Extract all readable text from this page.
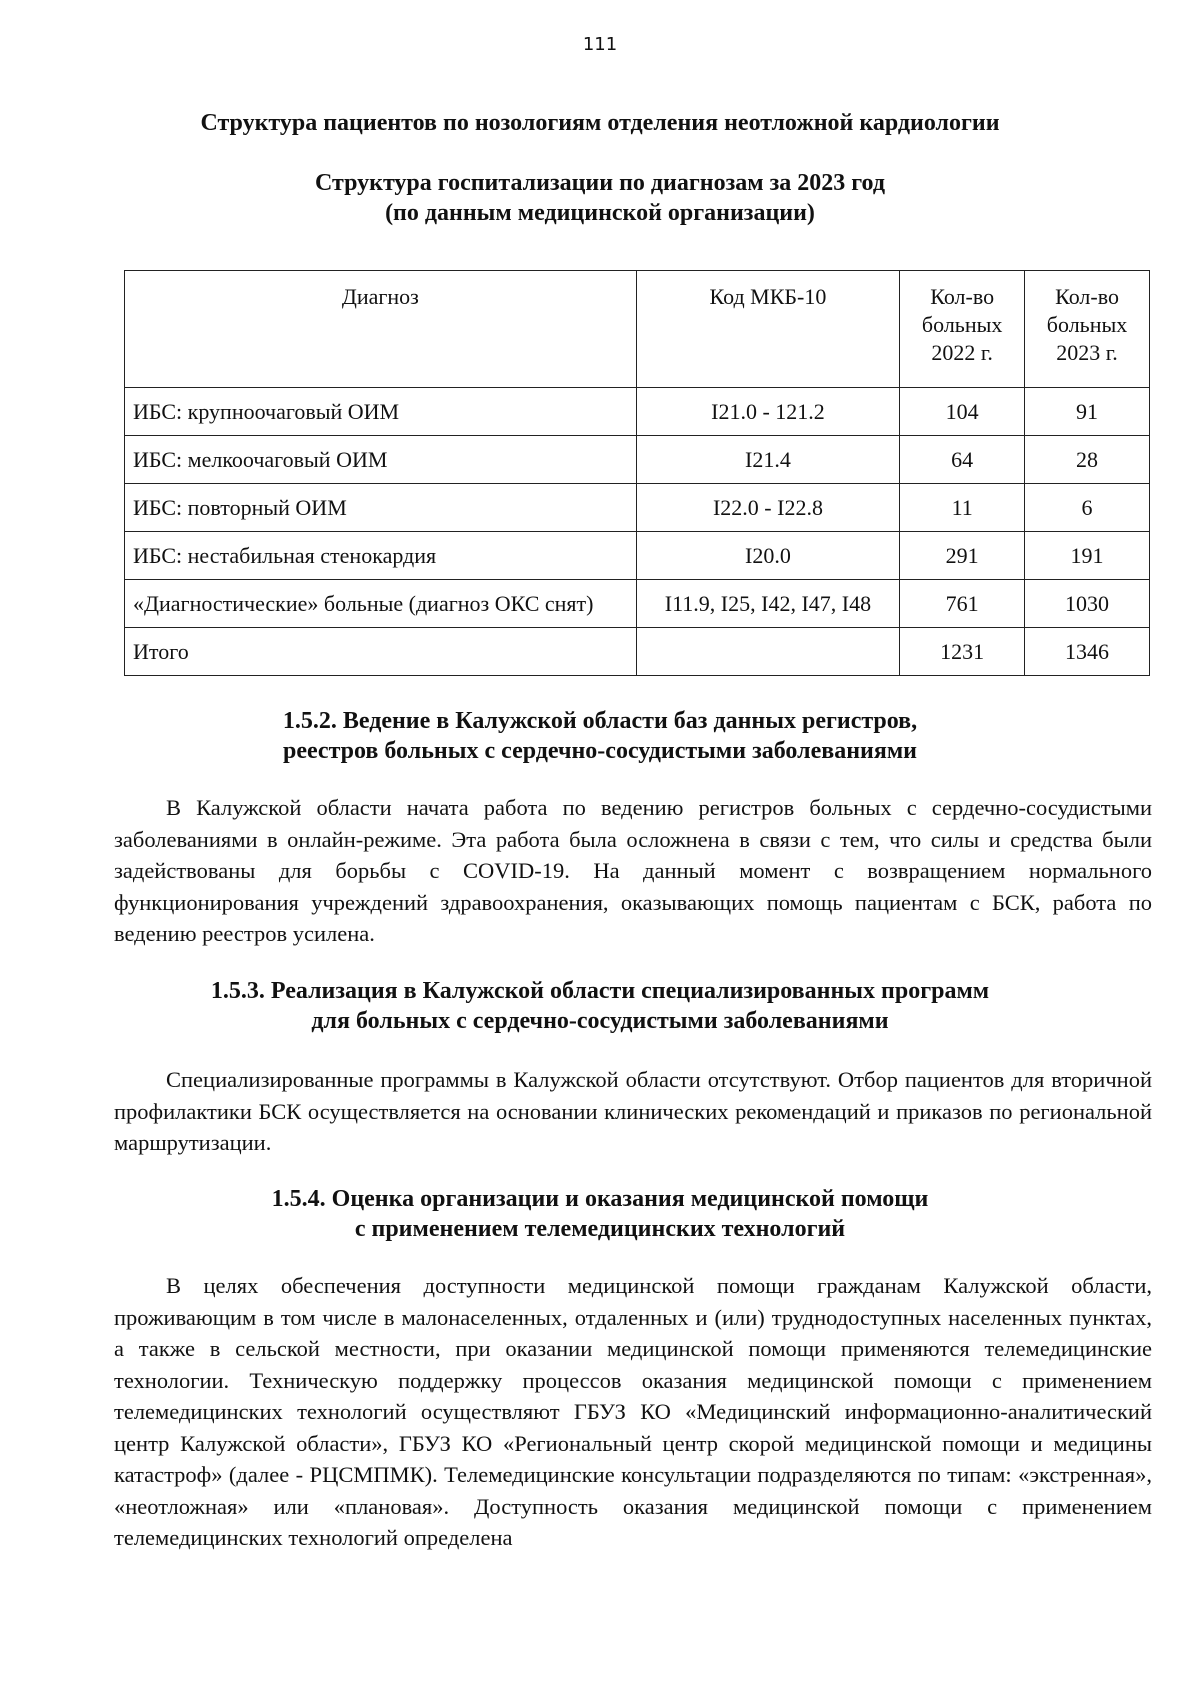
111
Структура пациентов по нозологиям отделения неотложной кардиологии
Структура госпитализации по диагнозам за 2023 год
(по данным медицинской организации)
Диагноз	Код МКБ-10	Кол-во больных 2022 г.	Кол-во больных 2023 г.
ИБС: крупноочаговый ОИМ	I21.0 - 121.2	104	91
ИБС: мелкоочаговый ОИМ	I21.4	64	28
ИБС: повторный ОИМ	I22.0 - I22.8	11	6
ИБС: нестабильная стенокардия	I20.0	291	191
«Диагностические» больные (диагноз ОКС снят)	I11.9, I25, I42, I47, I48	761	1030
Итого		1231	1346
1.5.2. Ведение в Калужской области баз данных регистров,
реестров больных с сердечно-сосудистыми заболеваниями

В Калужской области начата работа по ведению регистров больных с сердечно-сосудистыми заболеваниями в онлайн-режиме. Эта работа была осложнена в связи с тем, что силы и средства были задействованы для борьбы с COVID-19. На данный момент с возвращением нормального функционирования учреждений здравоохранения, оказывающих помощь пациентам с БСК, работа по ведению реестров усилена.

1.5.3. Реализация в Калужской области специализированных программ
для больных с сердечно-сосудистыми заболеваниями

Специализированные программы в Калужской области отсутствуют. Отбор пациентов для вторичной профилактики БСК осуществляется на основании клинических рекомендаций и приказов по региональной маршрутизации.

1.5.4. Оценка организации и оказания медицинской помощи
с применением телемедицинских технологий

В целях обеспечения доступности медицинской помощи гражданам Калужской области, проживающим в том числе в малонаселенных, отдаленных и (или) труднодоступных населенных пунктах, а также в сельской местности, при оказании медицинской помощи применяются телемедицинские технологии. Техническую поддержку процессов оказания медицинской помощи с применением телемедицинских технологий осуществляют ГБУЗ КО «Медицинский информационно-аналитический центр Калужской области», ГБУЗ КО «Региональный центр скорой медицинской помощи и медицины катастроф» (далее - РЦСМПМК). Телемедицинские консультации подразделяются по типам: «экстренная», «неотложная» или «плановая». Доступность оказания медицинской помощи с применением телемедицинских технологий определена
